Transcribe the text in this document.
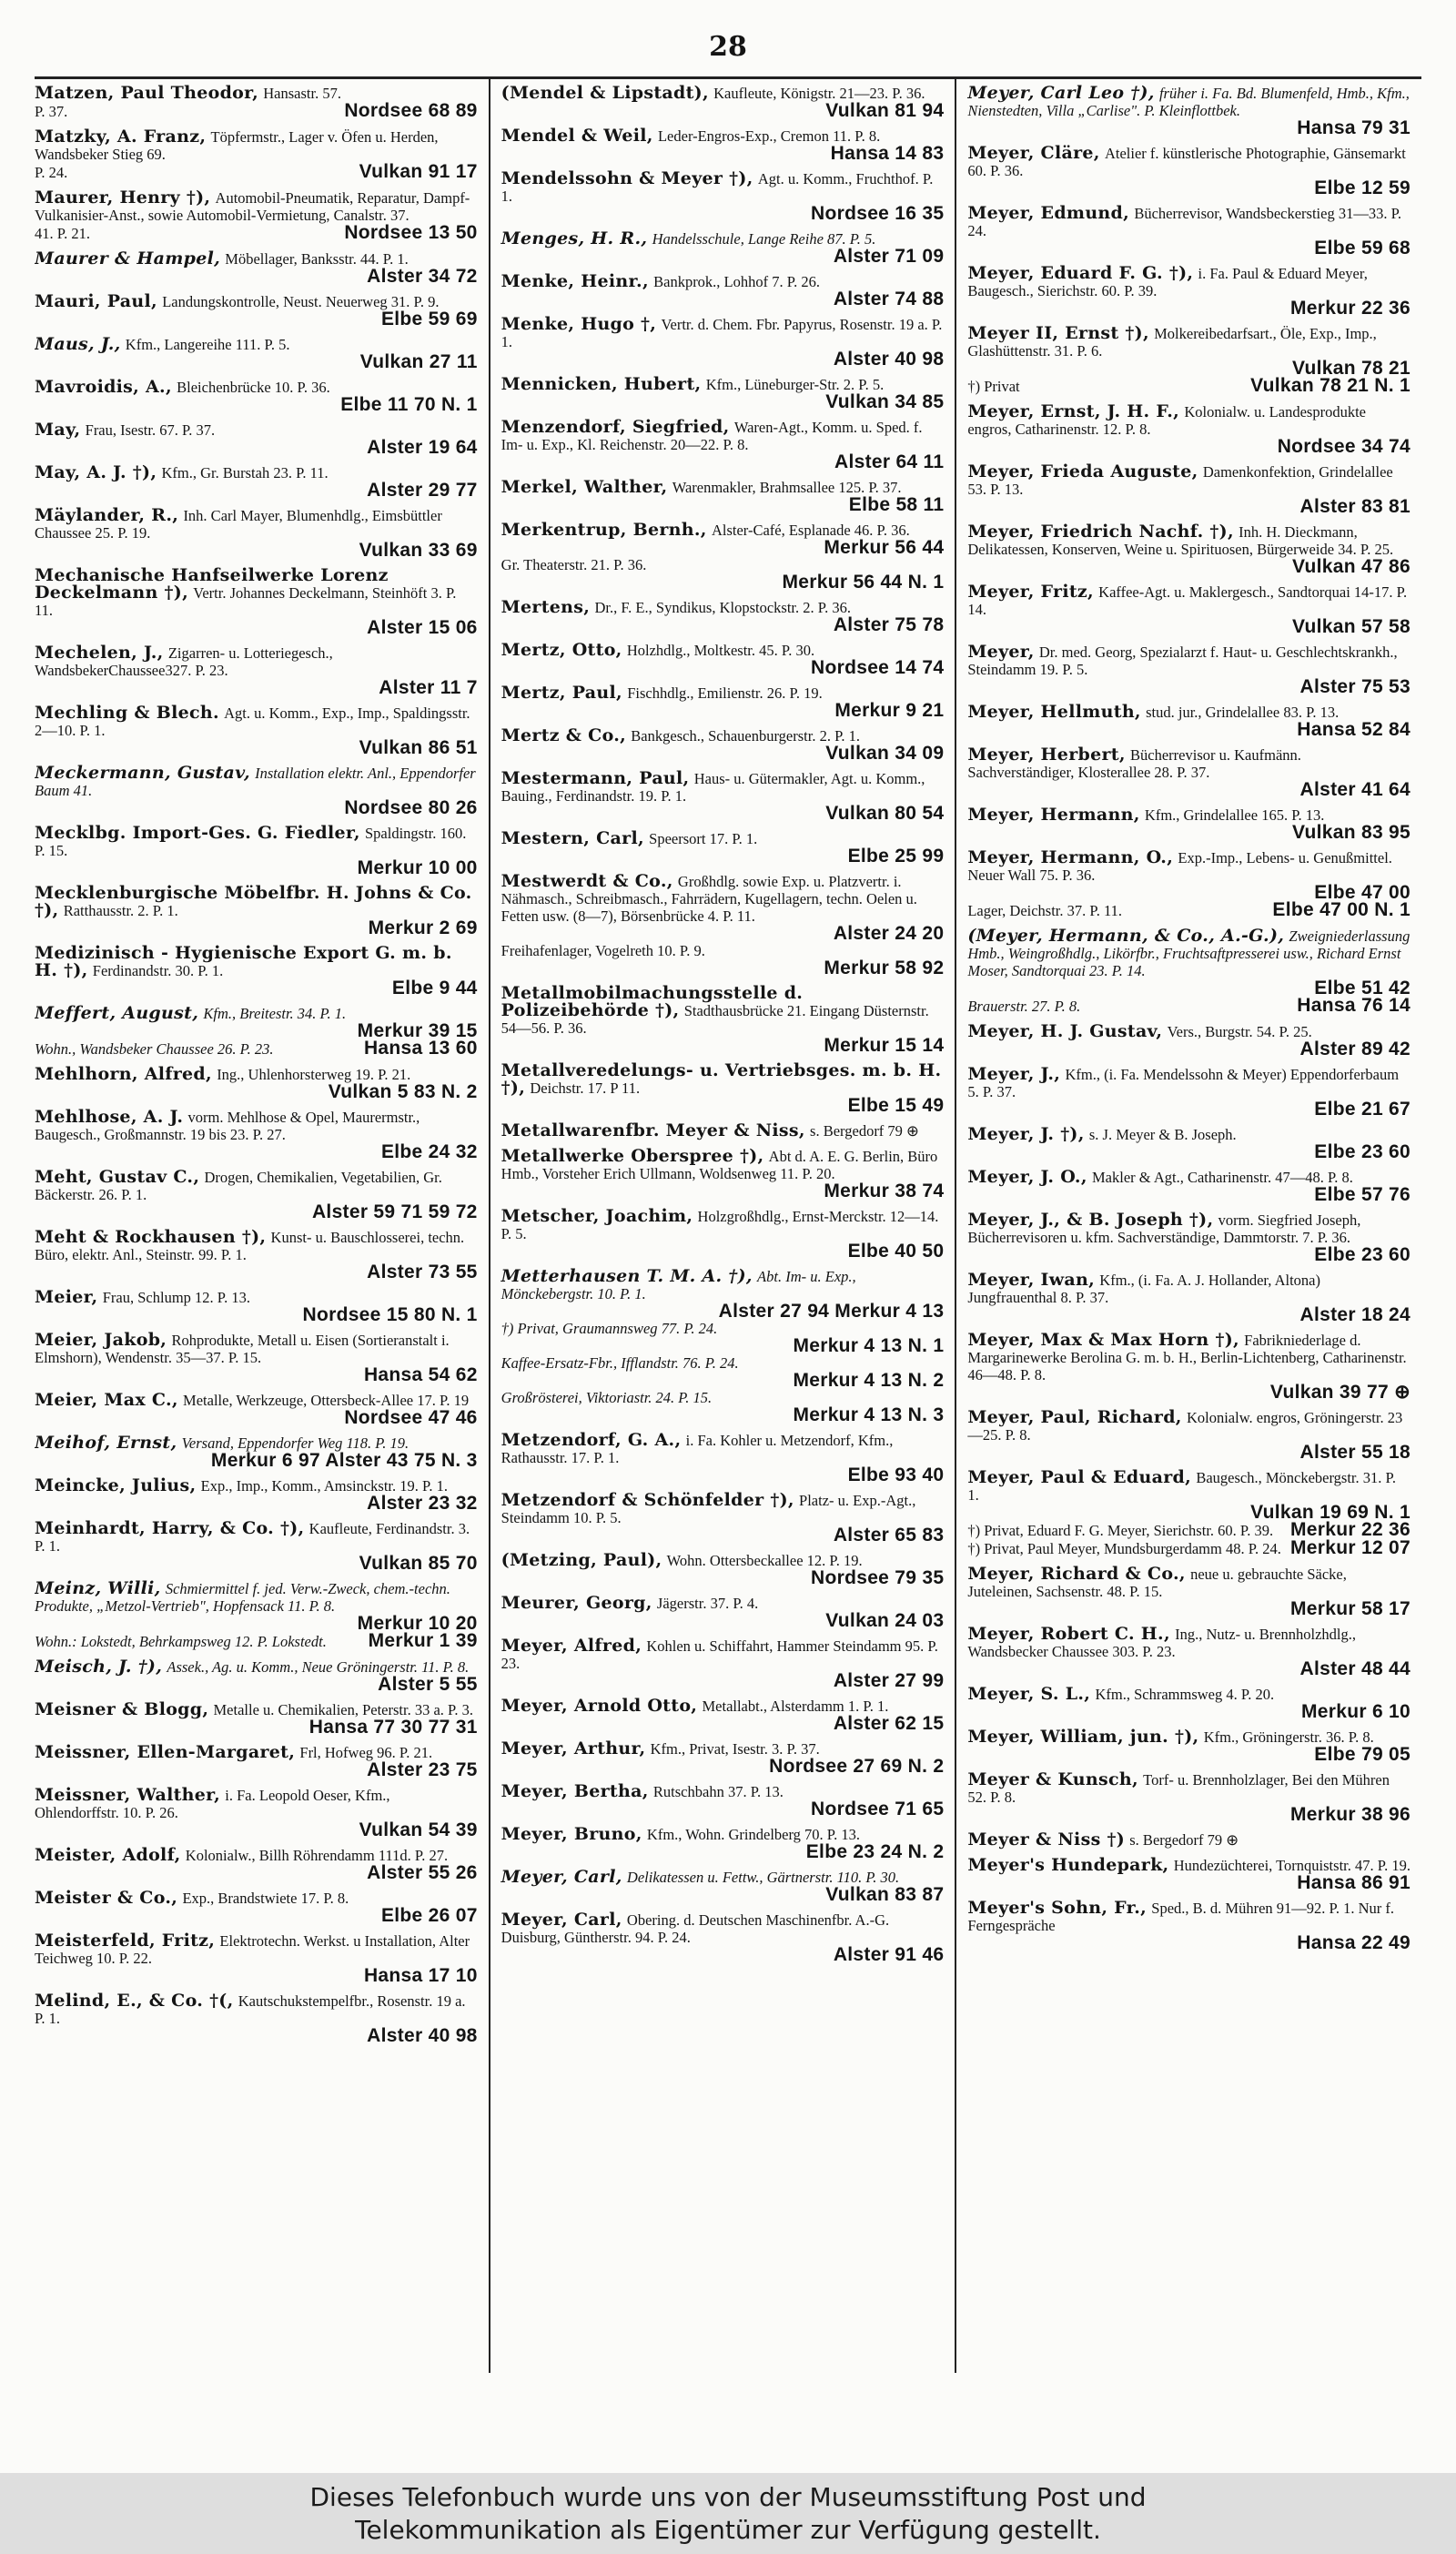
28
Matzen, Paul Theodor, Hansastr. 57.
P. 37.	Nordsee 68 89
Matzky, A. Franz, Töpfermstr., Lager v. Öfen u. Herden, Wandsbeker Stieg 69.
P. 24.	Vulkan 91 17
Maurer, Henry †), Automobil-Pneumatik, Reparatur, Dampf-Vulkanisier-Anst., sowie Automobil-Vermietung, Canalstr. 37.
41. P. 21.	Nordsee 13 50
Maurer & Hampel, Möbellager, Banksstr. 44. P. 1.
Alster 34 72
Mauri, Paul, Landungskontrolle, Neust. Neuerweg 31. P. 9.
Elbe 59 69
Maus, J., Kfm., Langereihe 111. P. 5.
Vulkan 27 11
Mavroidis, A., Bleichenbrücke 10. P. 36.
Elbe 11 70 N. 1
May, Frau, Isestr. 67. P. 37.
Alster 19 64
May, A. J. †), Kfm., Gr. Burstah 23. P. 11.
Alster 29 77
Mäylander, R., Inh. Carl Mayer, Blumenhdlg., Eimsbüttler Chaussee 25. P. 19.
Vulkan 33 69
Mechanische Hanfseilwerke Lorenz Deckelmann †), Vertr. Johannes Deckelmann, Steinhöft 3. P. 11.
Alster 15 06
Mechelen, J., Zigarren- u. Lotteriegesch., WandsbekerChaussee327. P. 23.
Alster 11 7
Mechling & Blech. Agt. u. Komm., Exp., Imp., Spaldingsstr. 2—10. P. 1.
Vulkan 86 51
Meckermann, Gustav, Installation elektr. Anl., Eppendorfer Baum 41.
Nordsee 80 26
Mecklbg. Import-Ges. G. Fiedler, Spaldingstr. 160. P. 15.
Merkur 10 00
Mecklenburgische Möbelfbr. H. Johns & Co. †), Ratthausstr. 2. P. 1.
Merkur 2 69
Medizinisch - Hygienische Export G. m. b. H. †), Ferdinandstr. 30. P. 1.
Elbe 9 44
Meffert, August, Kfm., Breitestr. 34. P. 1.
Merkur 39 15
Wohn., Wandsbeker Chaussee 26. P. 23.	Hansa 13 60
Mehlhorn, Alfred, Ing., Uhlenhorsterweg 19. P. 21.
Vulkan 5 83 N. 2
Mehlhose, A. J. vorm. Mehlhose & Opel, Maurermstr., Baugesch., Großmannstr. 19 bis 23. P. 27.
Elbe 24 32
Meht, Gustav C., Drogen, Chemikalien, Vegetabilien, Gr. Bäckerstr. 26. P. 1.
Alster 59 71 59 72
Meht & Rockhausen †), Kunst- u. Bauschlosserei, techn. Büro, elektr. Anl., Steinstr. 99. P. 1.
Alster 73 55
Meier, Frau, Schlump 12. P. 13.
Nordsee 15 80 N. 1
Meier, Jakob, Rohprodukte, Metall u. Eisen (Sortieranstalt i. Elmshorn), Wendenstr. 35—37. P. 15.
Hansa 54 62
Meier, Max C., Metalle, Werkzeuge, Ottersbeck-Allee 17. P. 19
Nordsee 47 46
Meihof, Ernst, Versand, Eppendorfer Weg 118. P. 19.
Merkur 6 97 Alster 43 75 N. 3
Meincke, Julius, Exp., Imp., Komm., Amsinckstr. 19. P. 1.
Alster 23 32
Meinhardt, Harry, & Co. †), Kaufleute, Ferdinandstr. 3. P. 1.
Vulkan 85 70
Meinz, Willi, Schmiermittel f. jed. Verw.-Zweck, chem.-techn. Produkte, „Metzol-Vertrieb", Hopfensack 11. P. 8.
Merkur 10 20
Wohn.: Lokstedt, Behrkampsweg 12. P. Lokstedt. Merkur 1 39
Meisch, J. †), Assek., Ag. u. Komm., Neue Gröningerstr. 11. P. 8.
Alster 5 55
Meisner & Blogg, Metalle u. Chemikalien, Peterstr. 33 a. P. 3.
Hansa 77 30 77 31
Meissner, Ellen-Margaret, Frl, Hofweg 96. P. 21.
Alster 23 75
Meissner, Walther, i. Fa. Leopold Oeser, Kfm., Ohlendorffstr. 10. P. 26.
Vulkan 54 39
Meister, Adolf, Kolonialw., Billh Röhrendamm 111d. P. 27.
Alster 55 26
Meister & Co., Exp., Brandstwiete 17. P. 8.
Elbe 26 07
Meisterfeld, Fritz, Elektrotechn. Werkst. u Installation, Alter Teichweg 10. P. 22.
Hansa 17 10
Melind, E., & Co. †(, Kautschukstempelfbr., Rosenstr. 19 a. P. 1.
Alster 40 98
(Mendel & Lipstadt), Kaufleute, Königstr. 21—23. P. 36.
Vulkan 81 94
Mendel & Weil, Leder-Engros-Exp., Cremon 11. P. 8.
Hansa 14 83
Mendelssohn & Meyer †), Agt. u. Komm., Fruchthof. P. 1.
Nordsee 16 35
Menges, H. R., Handelsschule, Lange Reihe 87. P. 5.
Alster 71 09
Menke, Heinr., Bankprok., Lohhof 7. P. 26.
Alster 74 88
Menke, Hugo †, Vertr. d. Chem. Fbr. Papyrus, Rosenstr. 19 a. P. 1.
Alster 40 98
Mennicken, Hubert, Kfm., Lüneburger-Str. 2. P. 5.
Vulkan 34 85
Menzendorf, Siegfried, Waren-Agt., Komm. u. Sped. f. Im- u. Exp., Kl. Reichenstr. 20—22. P. 8.
Alster 64 11
Merkel, Walther, Warenmakler, Brahmsallee 125. P. 37.
Elbe 58 11
Merkentrup, Bernh., Alster-Café, Esplanade 46. P. 36.
Merkur 56 44
Gr. Theaterstr. 21. P. 36.
Merkur 56 44 N. 1
Mertens, Dr., F. E., Syndikus, Klopstockstr. 2. P. 36.
Alster 75 78
Mertz, Otto, Holzhdlg., Moltkestr. 45. P. 30.
Nordsee 14 74
Mertz, Paul, Fischhdlg., Emilienstr. 26. P. 19.
Merkur 9 21
Mertz & Co., Bankgesch., Schauenburgerstr. 2. P. 1.
Vulkan 34 09
Mestermann, Paul, Haus- u. Gütermakler, Agt. u. Komm., Bauing., Ferdinandstr. 19. P. 1.
Vulkan 80 54
Mestern, Carl, Speersort 17. P. 1.
Elbe 25 99
Mestwerdt & Co., Großhdlg. sowie Exp. u. Platzvertr. i. Nähmasch., Schreibmasch., Fahrrädern, Kugellagern, techn. Oelen u. Fetten usw. (8—7), Börsenbrücke 4. P. 11.
Alster 24 20
Freihafenlager, Vogelreth 10. P. 9.
Merkur 58 92
Metallmobilmachungsstelle d. Polizeibehörde †), Stadthausbrücke 21. Eingang Düsternstr. 54—56. P. 36.
Merkur 15 14
Metallveredelungs- u. Vertriebsges. m. b. H. †), Deichstr. 17. P 11.
Elbe 15 49
Metallwarenfbr. Meyer & Niss, s. Bergedorf 79 ⊕
Metallwerke Oberspree †), Abt d. A. E. G. Berlin, Büro Hmb., Vorsteher Erich Ullmann, Woldsenweg 11. P. 20.
Merkur 38 74
Metscher, Joachim, Holzgroßhdlg., Ernst-Merckstr. 12—14. P. 5.
Elbe 40 50
Metterhausen T. M. A. †), Abt. Im- u. Exp., Mönckebergstr. 10. P. 1.
Alster 27 94 Merkur 4 13
†) Privat, Graumannsweg 77. P. 24.
Merkur 4 13 N. 1
Kaffee-Ersatz-Fbr., Ifflandstr. 76. P. 24.
Merkur 4 13 N. 2
Großrösterei, Viktoriastr. 24. P. 15.
Merkur 4 13 N. 3
Metzendorf, G. A., i. Fa. Kohler u. Metzendorf, Kfm., Rathausstr. 17. P. 1.
Elbe 93 40
Metzendorf & Schönfelder †), Platz- u. Exp.-Agt., Steindamm 10. P. 5.
Alster 65 83
(Metzing, Paul), Wohn. Ottersbeckallee 12. P. 19.
Nordsee 79 35
Meurer, Georg, Jägerstr. 37. P. 4.
Vulkan 24 03
Meyer, Alfred, Kohlen u. Schiffahrt, Hammer Steindamm 95. P. 23.
Alster 27 99
Meyer, Arnold Otto, Metallabt., Alsterdamm 1. P. 1.
Alster 62 15
Meyer, Arthur, Kfm., Privat, Isestr. 3. P. 37.
Nordsee 27 69 N. 2
Meyer, Bertha, Rutschbahn 37. P. 13.
Nordsee 71 65
Meyer, Bruno, Kfm., Wohn. Grindelberg 70. P. 13.
Elbe 23 24 N. 2
Meyer, Carl, Delikatessen u. Fettw., Gärtnerstr. 110. P. 30.
Vulkan 83 87
Meyer, Carl, Obering. d. Deutschen Maschinenfbr. A.-G. Duisburg, Güntherstr. 94. P. 24.
Alster 91 46
Meyer, Carl Leo †), früher i. Fa. Bd. Blumenfeld, Hmb., Kfm., Nienstedten, Villa „Carlise". P. Kleinflottbek.
Hansa 79 31
Meyer, Cläre, Atelier f. künstlerische Photographie, Gänsemarkt 60. P. 36.
Elbe 12 59
Meyer, Edmund, Bücherrevisor, Wandsbeckerstieg 31—33. P. 24.
Elbe 59 68
Meyer, Eduard F. G. †), i. Fa. Paul & Eduard Meyer, Baugesch., Sierichstr. 60. P. 39.
Merkur 22 36
Meyer II, Ernst †), Molkereibedarfsart., Öle, Exp., Imp., Glashüttenstr. 31. P. 6.
Vulkan 78 21
†) Privat	Vulkan 78 21 N. 1
Meyer, Ernst, J. H. F., Kolonialw. u. Landesprodukte engros, Catharinenstr. 12. P. 8.
Nordsee 34 74
Meyer, Frieda Auguste, Damenkonfektion, Grindelallee 53. P. 13.
Alster 83 81
Meyer, Friedrich Nachf. †), Inh. H. Dieckmann, Delikatessen, Konserven, Weine u. Spirituosen, Bürgerweide 34. P. 25.
Vulkan 47 86
Meyer, Fritz, Kaffee-Agt. u. Maklergesch., Sandtorquai 14-17. P. 14.
Vulkan 57 58
Meyer, Dr. med. Georg, Spezialarzt f. Haut- u. Geschlechtskrankh., Steindamm 19. P. 5.
Alster 75 53
Meyer, Hellmuth, stud. jur., Grindelallee 83. P. 13.
Hansa 52 84
Meyer, Herbert, Bücherrevisor u. Kaufmänn. Sachverständiger, Klosterallee 28. P. 37.
Alster 41 64
Meyer, Hermann, Kfm., Grindelallee 165. P. 13.
Vulkan 83 95
Meyer, Hermann, O., Exp.-Imp., Lebens- u. Genußmittel. Neuer Wall 75. P. 36.
Elbe 47 00
Lager, Deichstr. 37. P. 11.	Elbe 47 00 N. 1
(Meyer, Hermann, & Co., A.-G.), Zweigniederlassung Hmb., Weingroßhdlg., Likörfbr., Fruchtsaftpresserei usw., Richard Ernst Moser, Sandtorquai 23. P. 14.
Elbe 51 42
Brauerstr. 27. P. 8.	Hansa 76 14
Meyer, H. J. Gustav, Vers., Burgstr. 54. P. 25.
Alster 89 42
Meyer, J., Kfm., (i. Fa. Mendelssohn & Meyer) Eppendorferbaum 5. P. 37.
Elbe 21 67
Meyer, J. †), s. J. Meyer & B. Joseph.
Elbe 23 60
Meyer, J. O., Makler & Agt., Catharinenstr. 47—48. P. 8.
Elbe 57 76
Meyer, J., & B. Joseph †), vorm. Siegfried Joseph, Bücherrevisoren u. kfm. Sachverständige, Dammtorstr. 7. P. 36.
Elbe 23 60
Meyer, Iwan, Kfm., (i. Fa. A. J. Hollander, Altona) Jungfrauenthal 8. P. 37.
Alster 18 24
Meyer, Max & Max Horn †), Fabrikniederlage d. Margarinewerke Berolina G. m. b. H., Berlin-Lichtenberg, Catharinenstr. 46—48. P. 8.
Vulkan 39 77 ⊕
Meyer, Paul, Richard, Kolonialw. engros, Gröningerstr. 23—25. P. 8.
Alster 55 18
Meyer, Paul & Eduard, Baugesch., Mönckebergstr. 31. P. 1.
Vulkan 19 69 N. 1
†) Privat, Eduard F. G. Meyer, Sierichstr. 60. P. 39. Merkur 22 36
†) Privat, Paul Meyer, Mundsburgerdamm 48. P. 24. Merkur 12 07
Meyer, Richard & Co., neue u. gebrauchte Säcke, Juteleinen, Sachsenstr. 48. P. 15.
Merkur 58 17
Meyer, Robert C. H., Ing., Nutz- u. Brennholzhdlg., Wandsbecker Chaussee 303. P. 23.
Alster 48 44
Meyer, S. L., Kfm., Schrammsweg 4. P. 20.
Merkur 6 10
Meyer, William, jun. †), Kfm., Gröningerstr. 36. P. 8.
Elbe 79 05
Meyer & Kunsch, Torf- u. Brennholzlager, Bei den Mühren 52. P. 8.
Merkur 38 96
Meyer & Niss †) s. Bergedorf 79 ⊕
Meyer's Hundepark, Hundezüchterei, Tornquiststr. 47. P. 19.
Hansa 86 91
Meyer's Sohn, Fr., Sped., B. d. Mühren 91—92. P. 1. Nur f. Ferngespräche
Hansa 22 49
Dieses Telefonbuch wurde uns von der Museumsstiftung Post und
Telekommunikation als Eigentümer zur Verfügung gestellt.
